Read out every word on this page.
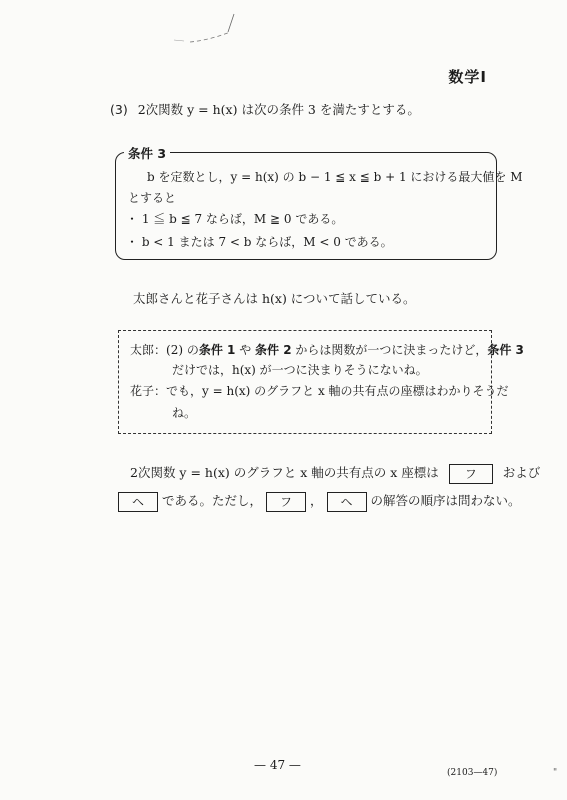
数学Ⅰ
(3) 2次関数 y = h(x) は次の条件 3 を満たすとする。
条件 3
b を定数とし，y = h(x) の b − 1 ≦ x ≦ b + 1 における最大値を M
とすると
・ 1 ≦ b ≦ 7 ならば，M ≧ 0 である。
・ b < 1 または 7 < b ならば，M < 0 である。
太郎さんと花子さんは h(x) について話している。
太郎：(2) の条件 1 や 条件 2 からは関数が一つに決まったけど，条件 3
だけでは，h(x) が一つに決まりそうにないね。
花子：でも，y = h(x) のグラフと x 軸の共有点の座標はわかりそうだ
ね。
2次関数 y = h(x) のグラフと x 軸の共有点の x 座標は フ および
ヘ である。ただし， フ ， ヘ の解答の順序は問わない。
— 47 —
(2103—47)	"
